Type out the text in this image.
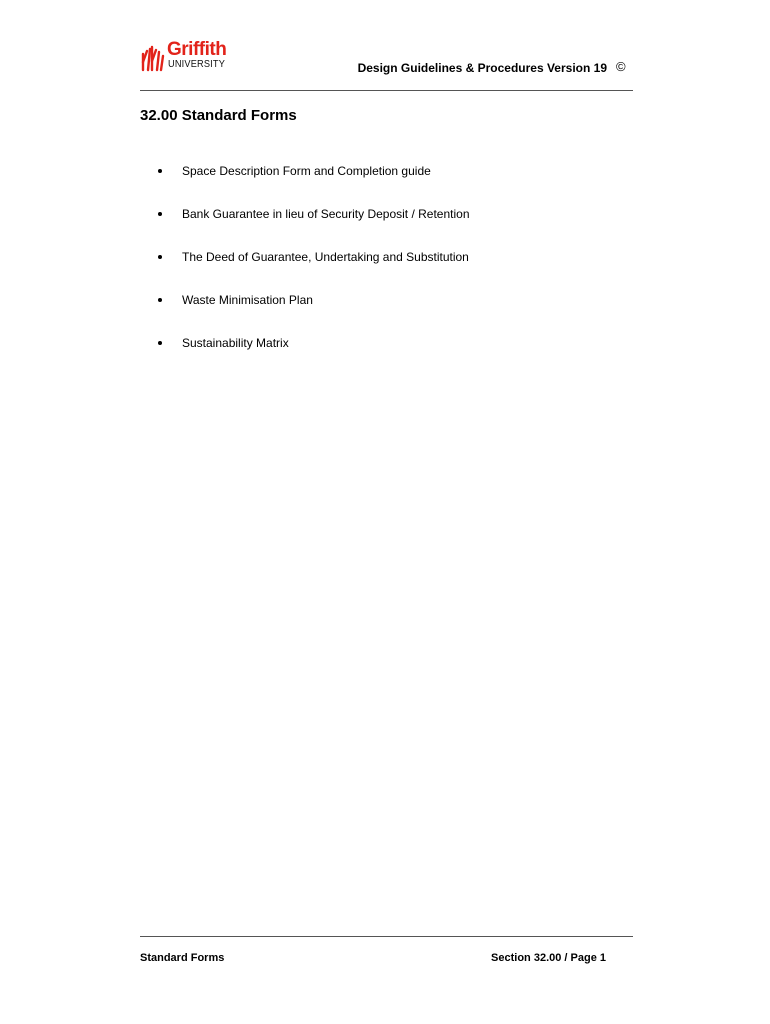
Griffith
UNIVERSITY	Design Guidelines & Procedures Version 19 ©
32.00 Standard Forms
Space Description Form and Completion guide
Bank Guarantee in lieu of Security Deposit / Retention
The Deed of Guarantee, Undertaking and Substitution
Waste Minimisation Plan
Sustainability Matrix
Standard Forms	Section 32.00 / Page 1
